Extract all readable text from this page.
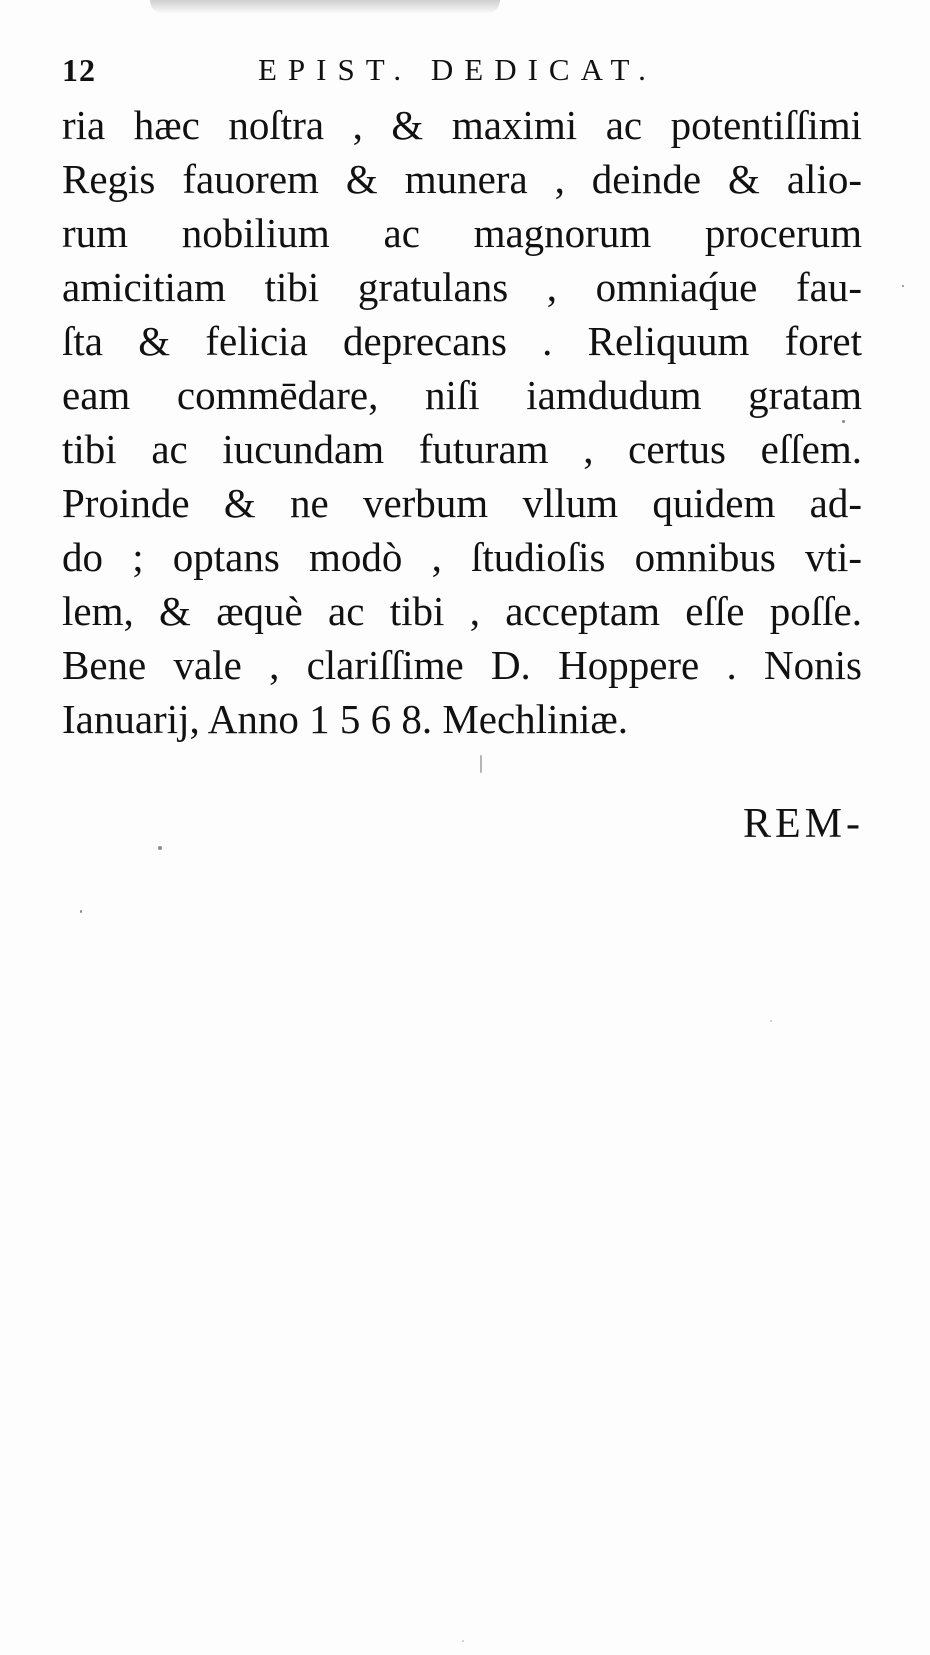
12	EPIST. DEDICAT.
ria hæc noſtra , & maximi ac potentiſſimi
Regis fauorem & munera , deinde & alio-
rum nobilium ac magnorum procerum
amicitiam tibi gratulans , omniaq́ue fau-
ſta & felicia deprecans . Reliquum foret
eam commēdare, niſi iamdudum gratam
tibi ac iucundam futuram , certus eſſem.
Proinde & ne verbum vllum quidem ad-
do ; optans modò , ſtudioſis omnibus vti-
lem, & æquè ac tibi , acceptam eſſe poſſe.
Bene vale , clariſſime D. Hoppere . Nonis
Ianuarij, Anno 1 5 6 8. Mechliniæ.
REM-
